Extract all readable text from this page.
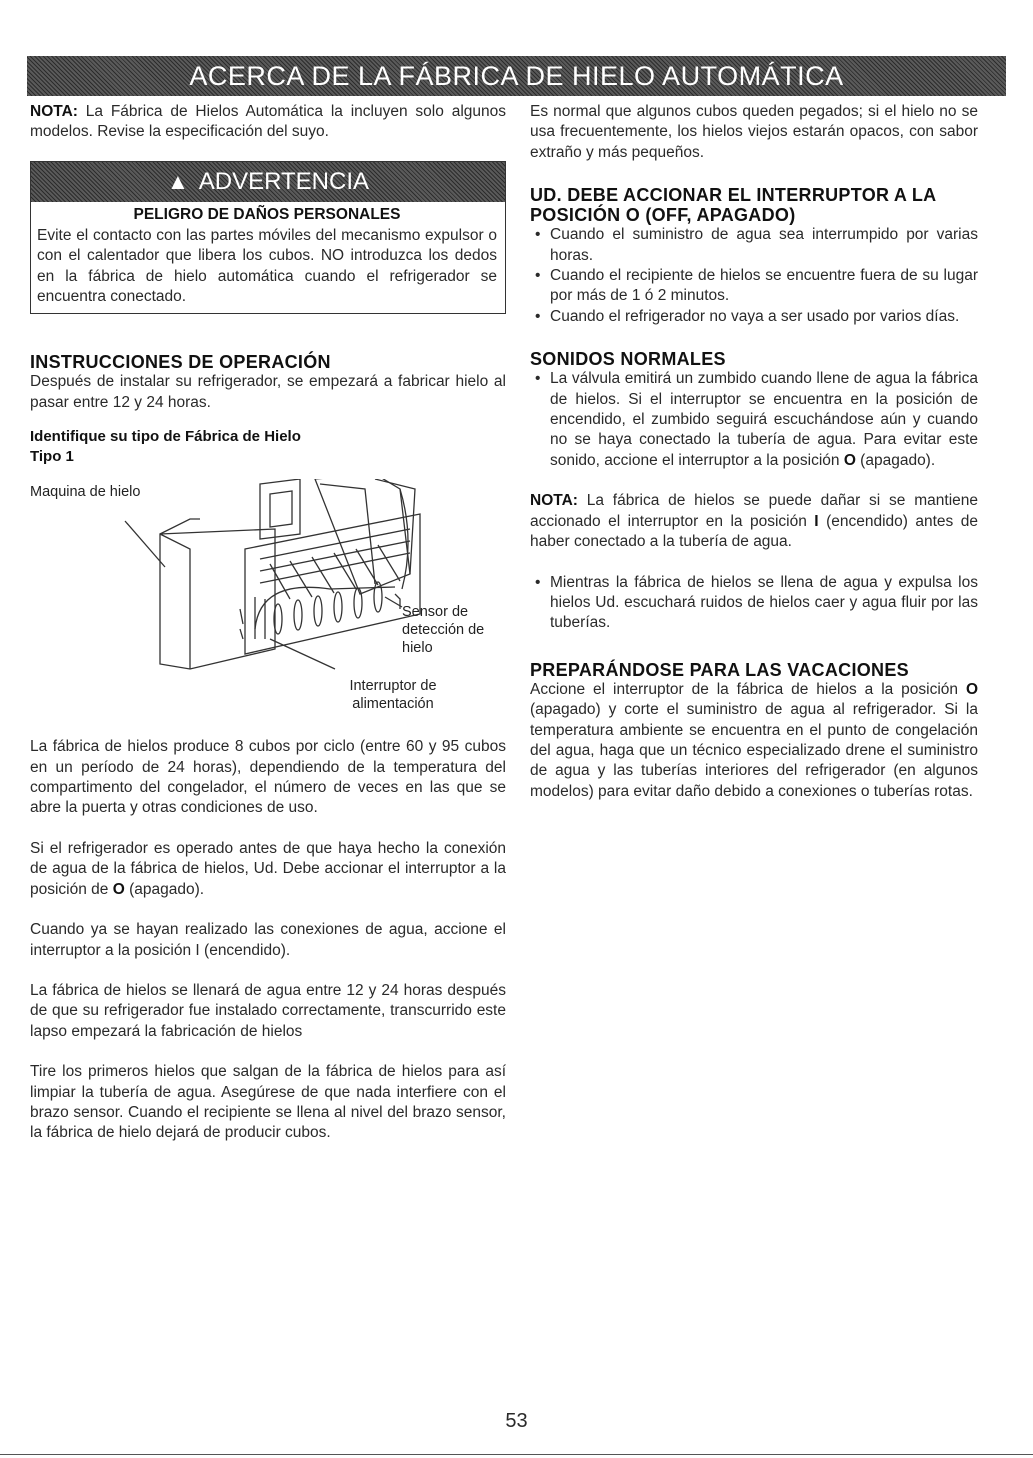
ACERCA DE LA FÁBRICA DE HIELO AUTOMÁTICA

NOTA: La Fábrica de Hielos Automática la incluyen solo algunos modelos. Revise la especificación del suyo.

▲ ADVERTENCIA
PELIGRO DE DAÑOS PERSONALES

Evite el contacto con las partes móviles del mecanismo expulsor o con el calentador que libera los cubos. NO introduzca los dedos en la fábrica de hielo automática cuando el refrigerador se encuentra conectado.

INSTRUCCIONES DE OPERACIÓN

Después de instalar su refrigerador, se empezará a fabricar hielo al pasar entre 12 y 24 horas.

Identifique su tipo de Fábrica de Hielo
Tipo 1
Maquina de hielo
Sensor de detección de hielo
Interruptor de alimentación

La fábrica de hielos produce 8 cubos por ciclo (entre 60 y 95 cubos en un período de 24 horas), dependiendo de la temperatura del compartimento del congelador, el número de veces en las que se abre la puerta y otras condiciones de uso.

Si el refrigerador es operado antes de que haya hecho la conexión de agua de la fábrica de hielos, Ud. Debe accionar el interruptor a la posición de O (apagado).

Cuando ya se hayan realizado las conexiones de agua, accione el interruptor a la posición I (encendido).

La fábrica de hielos se llenará de agua entre 12 y 24 horas después de que su refrigerador fue instalado correctamente, transcurrido este lapso empezará la fabricación de hielos

Tire los primeros hielos que salgan de la fábrica de hielos para así limpiar la tubería de agua. Asegúrese de que nada interfiere con el brazo sensor. Cuando el recipiente se llena al nivel del brazo sensor, la fábrica de hielo dejará de producir cubos.

Es normal que algunos cubos queden pegados; si el hielo no se usa frecuentemente, los hielos viejos estarán opacos, con sabor extraño y más pequeños.

UD. DEBE ACCIONAR EL INTERRUPTOR A LA POSICIÓN O (OFF, APAGADO)
• Cuando el suministro de agua sea interrumpido por varias horas.
• Cuando el recipiente de hielos se encuentre fuera de su lugar por más de 1 ó 2 minutos.
• Cuando el refrigerador no vaya a ser usado por varios días.
SONIDOS NORMALES
• La válvula emitirá un zumbido cuando llene de agua la fábrica de hielos. Si el interruptor se encuentra en la posición de encendido, el zumbido seguirá escuchándose aún y cuando no se haya conectado la tubería de agua. Para evitar este sonido, accione el interruptor a la posición O (apagado).

NOTA: La fábrica de hielos se puede dañar si se mantiene accionado el interruptor en la posición I (encendido) antes de haber conectado a la tubería de agua.

• Mientras la fábrica de hielos se llena de agua y expulsa los hielos Ud. escuchará ruidos de hielos caer y agua fluir por las tuberías.
PREPARÁNDOSE PARA LAS VACACIONES

Accione el interruptor de la fábrica de hielos a la posición O (apagado) y corte el suministro de agua al refrigerador. Si la temperatura ambiente se encuentra en el punto de congelación del agua, haga que un técnico especializado drene el suministro de agua y las tuberías interiores del refrigerador (en algunos modelos) para evitar daño debido a conexiones o tuberías rotas.

53
